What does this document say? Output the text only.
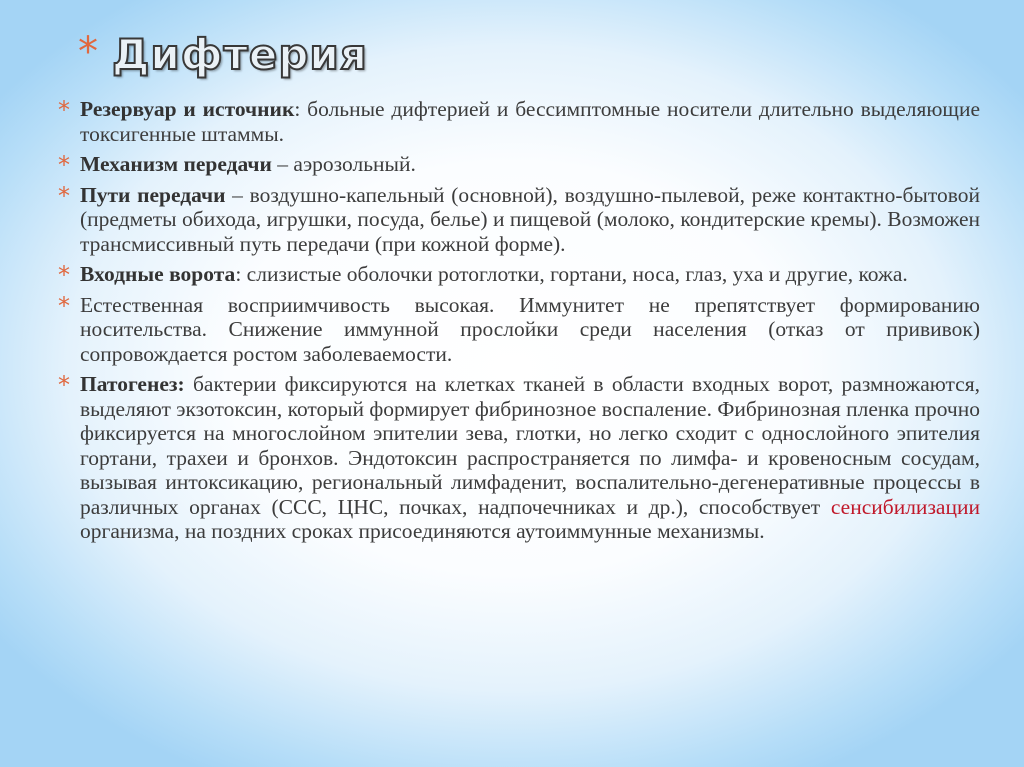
* Дифтерия
* Резервуар и источник: больные дифтерией и бессимптомные носители длительно выделяющие токсигенные штаммы.

* Механизм передачи – аэрозольный.

* Пути передачи – воздушно-капельный (основной), воздушно-пылевой, реже контактно-бытовой (предметы обихода, игрушки, посуда, белье) и пищевой (молоко, кондитерские кремы). Возможен трансмиссивный путь передачи (при кожной форме).

* Входные ворота: слизистые оболочки ротоглотки, гортани, носа, глаз, уха и другие, кожа.

* Естественная восприимчивость высокая. Иммунитет не препятствует формированию носительства. Снижение иммунной прослойки среди населения (отказ от прививок) сопровождается ростом заболеваемости.

* Патогенез: бактерии фиксируются на клетках тканей в области входных ворот, размножаются, выделяют экзотоксин, который формирует фибринозное воспаление. Фибринозная пленка прочно фиксируется на многослойном эпителии зева, глотки, но легко сходит с однослойного эпителия гортани, трахеи и бронхов. Эндотоксин распространяется по лимфа- и кровеносным сосудам, вызывая интоксикацию, региональный лимфаденит, воспалительно-дегенеративные процессы в различных органах (ССС, ЦНС, почках, надпочечниках и др.), способствует сенсибилизации организма, на поздних сроках присоединяются аутоиммунные механизмы.
